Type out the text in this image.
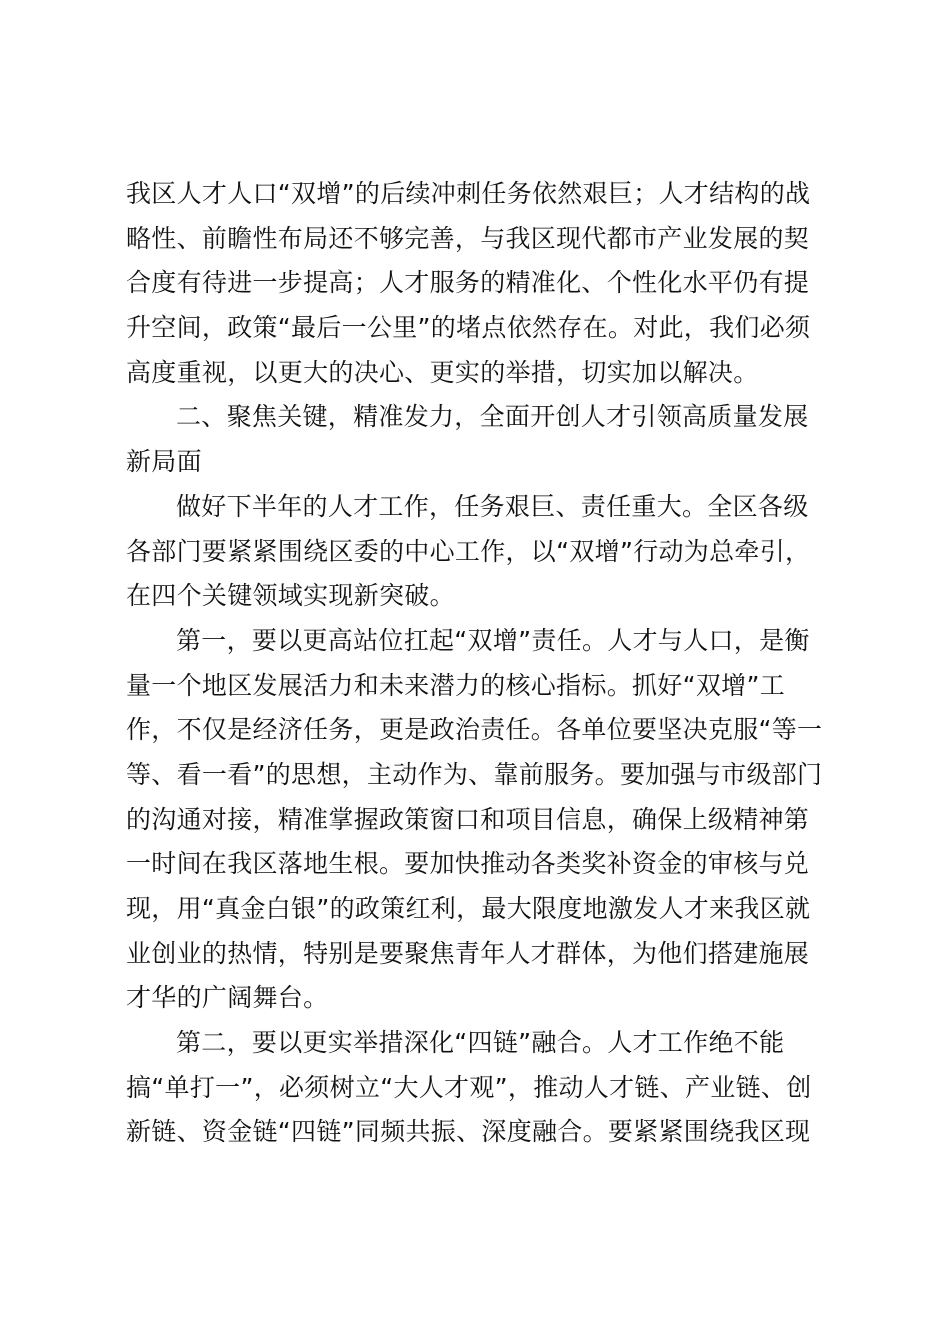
我区人才人口“双增”的后续冲刺任务依然艰巨；人才结构的战
略性、前瞻性布局还不够完善，与我区现代都市产业发展的契
合度有待进一步提高；人才服务的精准化、个性化水平仍有提
升空间，政策“最后一公里”的堵点依然存在。对此，我们必须
高度重视，以更大的决心、更实的举措，切实加以解决。
二、聚焦关键，精准发力，全面开创人才引领高质量发展
新局面
做好下半年的人才工作，任务艰巨、责任重大。全区各级
各部门要紧紧围绕区委的中心工作，以“双增”行动为总牵引，
在四个关键领域实现新突破。
第一，要以更高站位扛起“双增”责任。人才与人口，是衡
量一个地区发展活力和未来潜力的核心指标。抓好“双增”工
作，不仅是经济任务，更是政治责任。各单位要坚决克服“等一
等、看一看”的思想，主动作为、靠前服务。要加强与市级部门
的沟通对接，精准掌握政策窗口和项目信息，确保上级精神第
一时间在我区落地生根。要加快推动各类奖补资金的审核与兑
现，用“真金白银”的政策红利，最大限度地激发人才来我区就
业创业的热情，特别是要聚焦青年人才群体，为他们搭建施展
才华的广阔舞台。
第二，要以更实举措深化“四链”融合。人才工作绝不能
搞“单打一”，必须树立“大人才观”，推动人才链、产业链、创
新链、资金链“四链”同频共振、深度融合。要紧紧围绕我区现
